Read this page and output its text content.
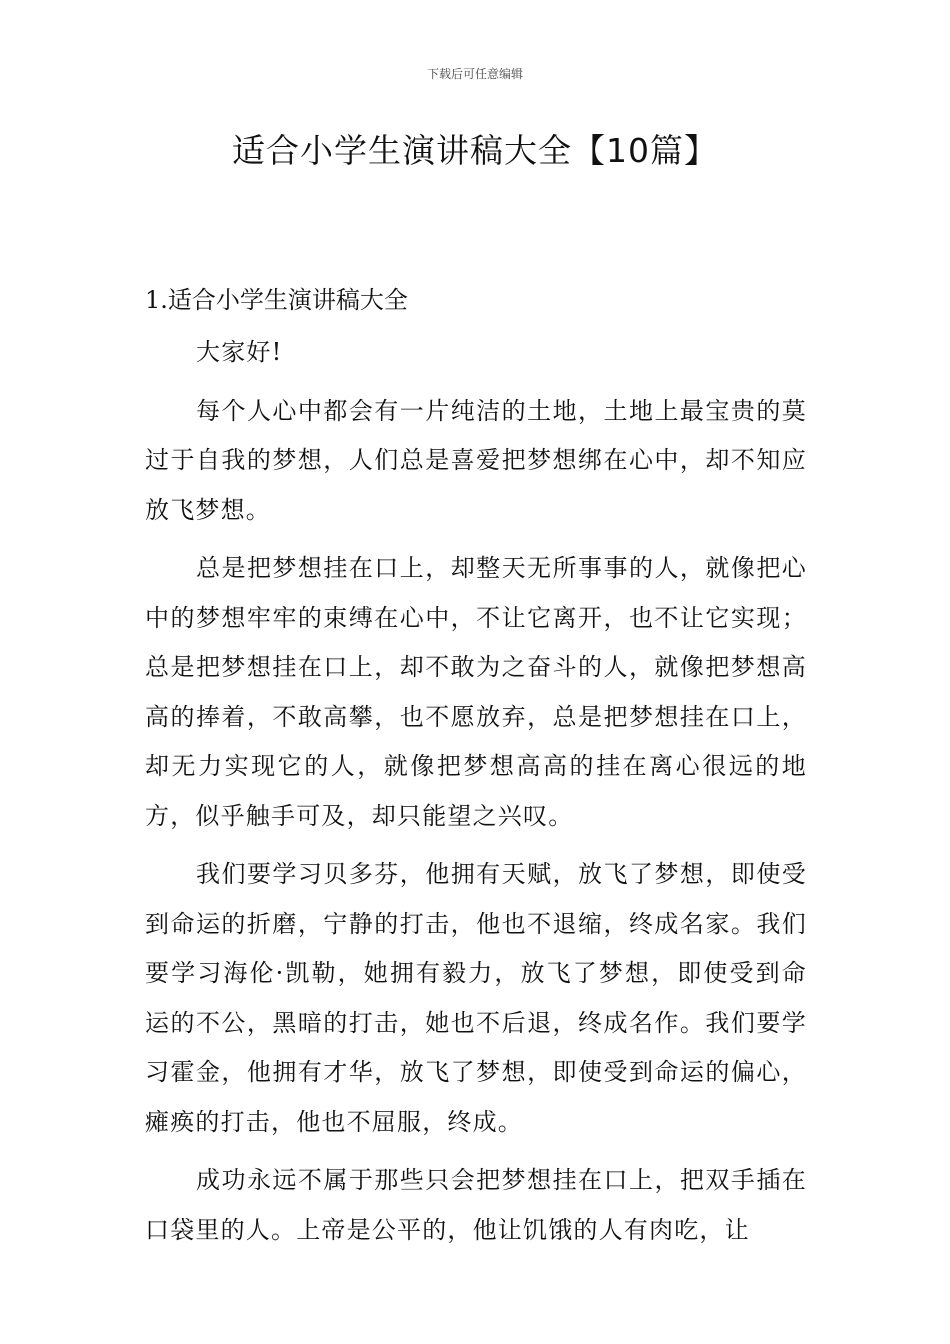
下载后可任意编辑
适合小学生演讲稿大全【10篇】
1.适合小学生演讲稿大全

大家好!

每个人心中都会有一片纯洁的土地，土地上最宝贵的莫过于自我的梦想，人们总是喜爱把梦想绑在心中，却不知应放飞梦想。

总是把梦想挂在口上，却整天无所事事的人，就像把心中的梦想牢牢的束缚在心中，不让它离开，也不让它实现；总是把梦想挂在口上，却不敢为之奋斗的人，就像把梦想高高的捧着，不敢高攀，也不愿放弃，总是把梦想挂在口上，却无力实现它的人，就像把梦想高高的挂在离心很远的地方，似乎触手可及，却只能望之兴叹。

我们要学习贝多芬，他拥有天赋，放飞了梦想，即使受到命运的折磨，宁静的打击，他也不退缩，终成名家。我们要学习海伦·凯勒，她拥有毅力，放飞了梦想，即使受到命运的不公，黑暗的打击，她也不后退，终成名作。我们要学习霍金，他拥有才华，放飞了梦想，即使受到命运的偏心，瘫痪的打击，他也不屈服，终成。

成功永远不属于那些只会把梦想挂在口上，把双手插在口袋里的人。上帝是公平的，他让饥饿的人有肉吃，让
